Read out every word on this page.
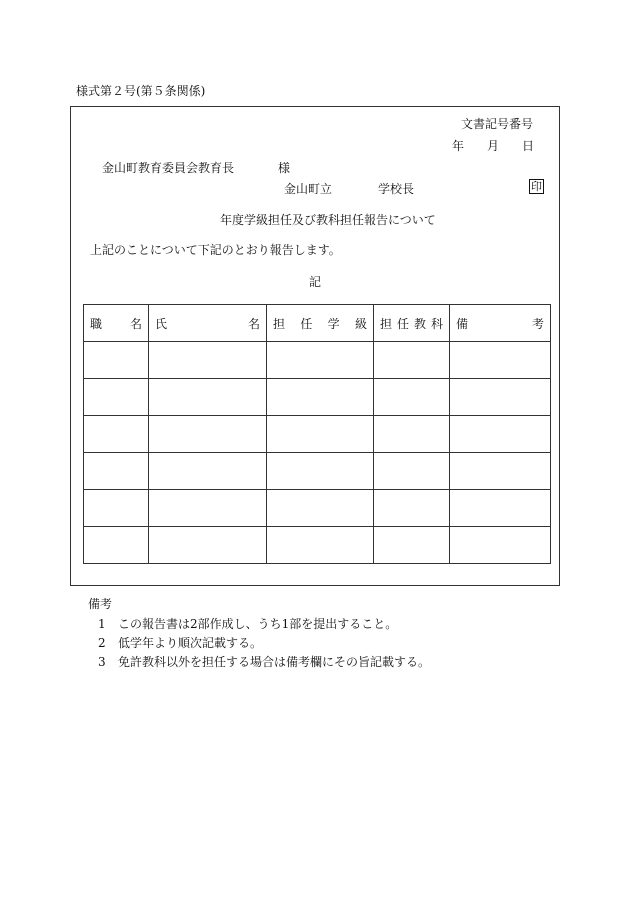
様式第２号(第５条関係)
文書記号番号
年 月 日
金山町教育委員会教育長	様
金山町立	学校長	印
年度学級担任及び教科担任報告について
上記のことについて下記のとおり報告します。
記
職 名	氏 名	担 任 学 級	担 任 教 科	備 考

備考
1 この報告書は2部作成し、うち1部を提出すること。
2 低学年より順次記載する。
3 免許教科以外を担任する場合は備考欄にその旨記載する。
